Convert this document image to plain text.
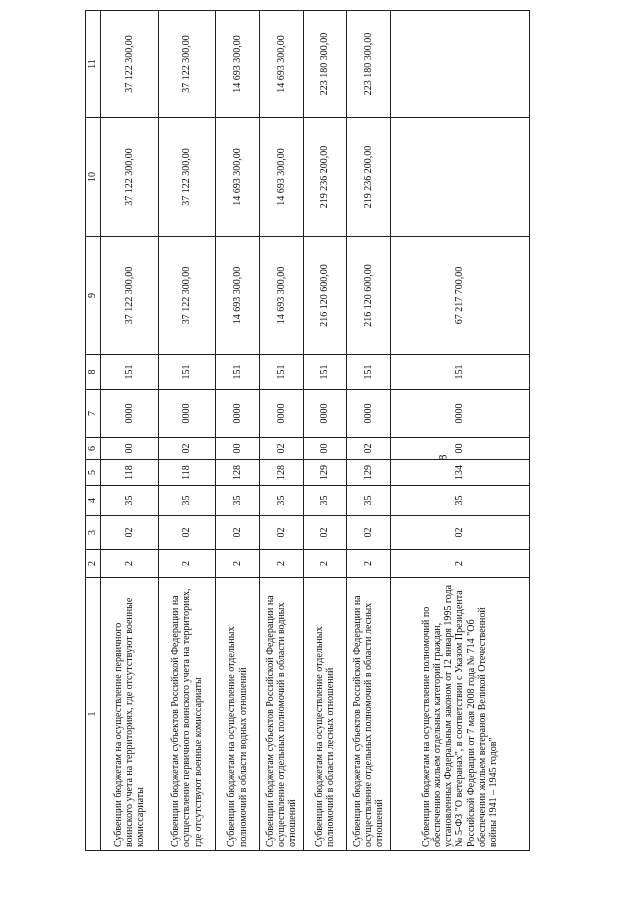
8
1	2	3	4	5	6	7	8	9	10	11
Субвенции бюджетам на осуществление первичного воинского учета на территориях, где отсутствуют военные комиссариаты	2	02	35	118	00	0000	151	37 122 300,00	37 122 300,00	37 122 300,00
Субвенции бюджетам субъектов Российской Федерации на осуществление первичного воинского учета на территориях, где отсутствуют военные комиссариаты	2	02	35	118	02	0000	151	37 122 300,00	37 122 300,00	37 122 300,00
Субвенции бюджетам на осуществление отдельных полномочий в области водных отношений	2	02	35	128	00	0000	151	14 693 300,00	14 693 300,00	14 693 300,00
Субвенции бюджетам субъектов Российской Федерации на осуществление отдельных полномочий в области водных отношений	2	02	35	128	02	0000	151	14 693 300,00	14 693 300,00	14 693 300,00
Субвенции бюджетам на осуществление отдельных полномочий в области лесных отношений	2	02	35	129	00	0000	151	216 120 600,00	219 236 200,00	223 180 300,00
Субвенции бюджетам субъектов Российской Федерации на осуществление отдельных полномочий в области лесных отношений	2	02	35	129	02	0000	151	216 120 600,00	219 236 200,00	223 180 300,00
Субвенции бюджетам на осуществление полномочий по обеспечению жильем отдельных категорий граждан, установленных Федеральным законом от 12 января 1995 года № 5-ФЗ "О ветеранах", в соответствии с Указом Президента Российской Федерации от 7 мая 2008 года № 714 "Об обеспечении жильем ветеранов Великой Отечественной войны 1941 – 1945 годов"	2	02	35	134	00	0000	151	67 217 700,00		
